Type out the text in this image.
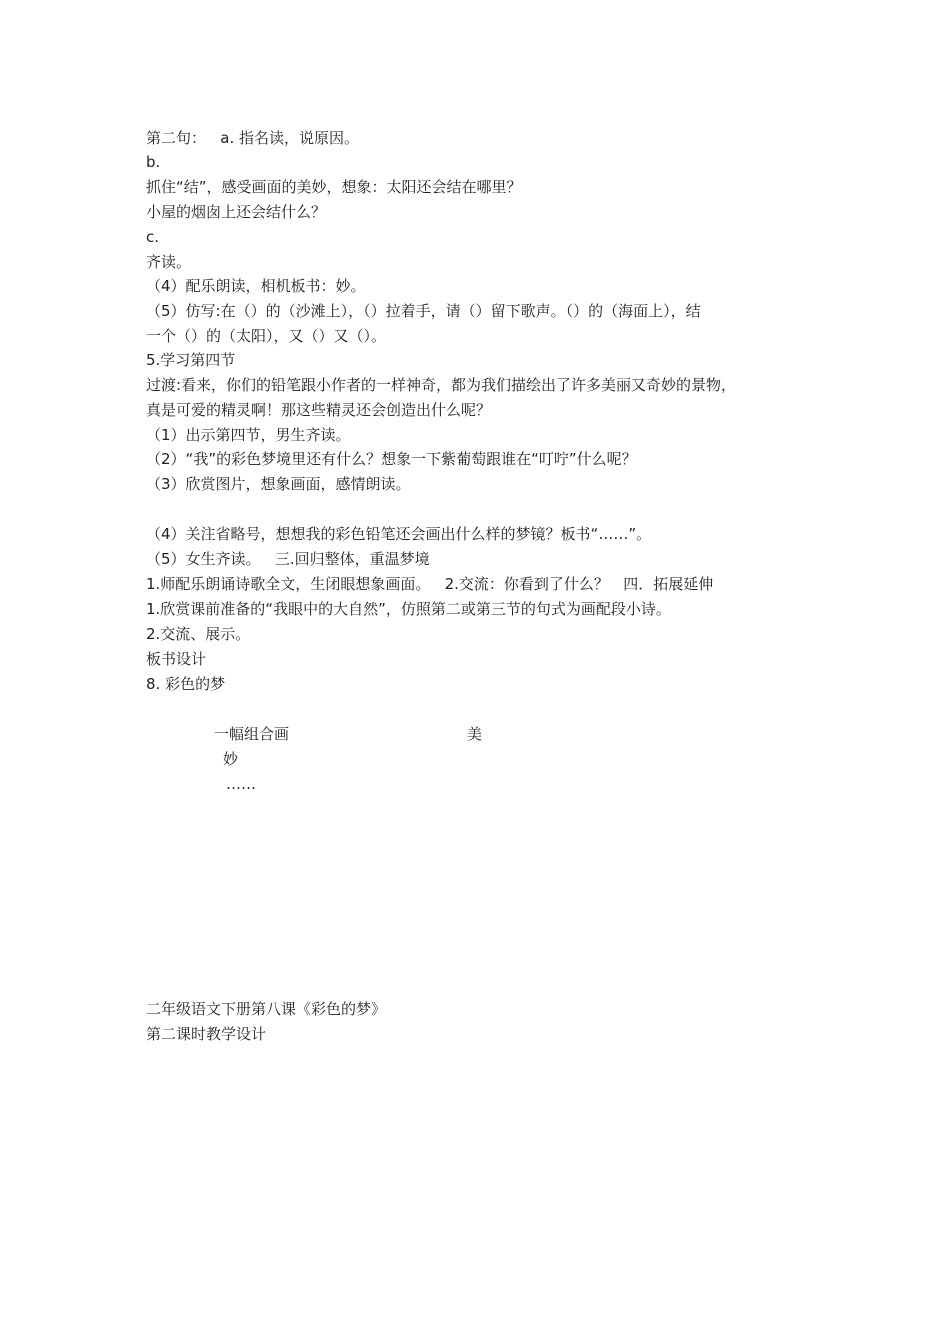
第二句：   a. 指名读，说原因。
b.
抓住“结”，感受画面的美妙，想象：太阳还会结在哪里？
小屋的烟囱上还会结什么？
c.
齐读。
（4）配乐朗读，相机板书：妙。
（5）仿写:在（）的（沙滩上），（）拉着手，请（）留下歌声。（）的（海面上），结
一个（）的（太阳），又（）又（）。
5.学习第四节
过渡:看来，你们的铅笔跟小作者的一样神奇，都为我们描绘出了许多美丽又奇妙的景物，
真是可爱的精灵啊！那这些精灵还会创造出什么呢？
（1）出示第四节，男生齐读。
（2）“我”的彩色梦境里还有什么？想象一下紫葡萄跟谁在“叮咛”什么呢？
（3）欣赏图片，想象画面，感情朗读。
（4）关注省略号，想想我的彩色铅笔还会画出什么样的梦镜？板书“……”。
（5）女生齐读。   三.回归整体，重温梦境
1.师配乐朗诵诗歌全文，生闭眼想象画面。   2.交流：你看到了什么？   四．拓展延伸
1.欣赏课前准备的“我眼中的大自然”，仿照第二或第三节的句式为画配段小诗。
2.交流、展示。
板书设计
8. 彩色的梦
一幅组合画	美
妙
……
二年级语文下册第八课《彩色的梦》
第二课时教学设计
